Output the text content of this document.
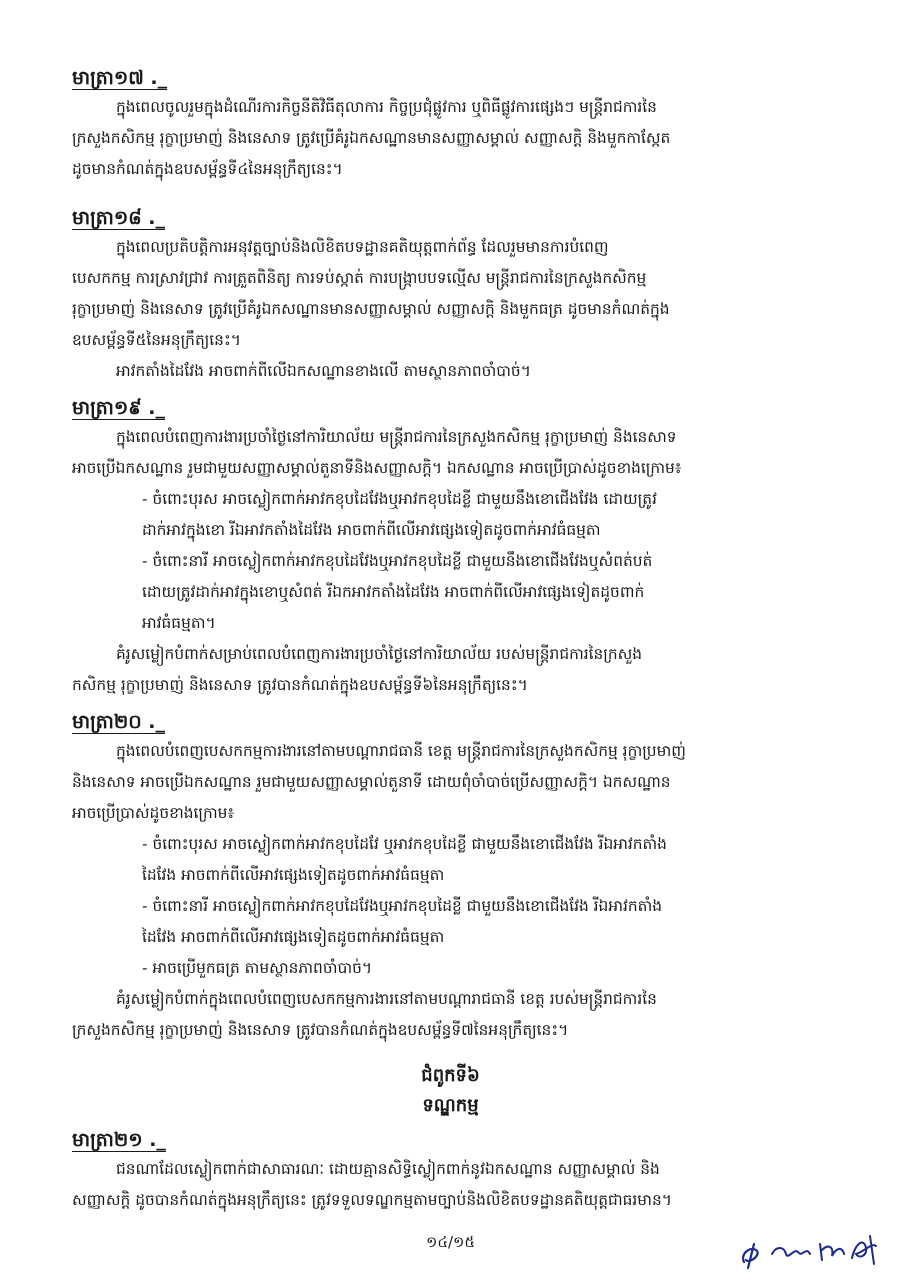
មាត្រា១៧ ._
ក្នុងពេលចូលរួមក្នុងដំណើរការកិច្ចនីតិវិធីតុលាការ កិច្ចប្រជុំផ្លូវការ ឬពិធីផ្លូវការផ្សេងៗ មន្ត្រីរាជការនៃ
ក្រសួងកសិកម្ម រុក្ខាប្រមាញ់ និងនេសាទ ត្រូវប្រើគំរូឯកសណ្ឋានមានសញ្ញាសម្គាល់ សញ្ញាសក្តិ និងមួកកាស្កែត
ដូចមានកំណត់ក្នុងឧបសម្ព័ន្ធទី៤នៃអនុក្រឹត្យនេះ។
មាត្រា១៨ ._
ក្នុងពេលប្រតិបត្តិការអនុវត្តច្បាប់និងលិខិតបទដ្ឋានគតិយុត្តពាក់ព័ន្ធ ដែលរួមមានការបំពេញ
បេសកកម្ម ការស្រាវជ្រាវ ការត្រួតពិនិត្យ ការទប់ស្កាត់ ការបង្ក្រាបបទល្មើស មន្ត្រីរាជការនៃក្រសួងកសិកម្ម
រុក្ខាប្រមាញ់ និងនេសាទ ត្រូវប្រើគំរូឯកសណ្ឋានមានសញ្ញាសម្គាល់ សញ្ញាសក្តិ និងមួកធត្រ ដូចមានកំណត់ក្នុង
ឧបសម្ព័ន្ធទី៥នៃអនុក្រឹត្យនេះ។
អាវកតាំងដៃវែង អាចពាក់ពីលើឯកសណ្ឋានខាងលើ តាមស្ថានភាពចាំបាច់។
មាត្រា១៩ ._
ក្នុងពេលបំពេញការងារប្រចាំថ្ងៃនៅការិយាល័យ មន្ត្រីរាជការនៃក្រសួងកសិកម្ម រុក្ខាប្រមាញ់ និងនេសាទ
អាចប្រើឯកសណ្ឋាន រួមជាមួយសញ្ញាសម្គាល់តួនាទីនិងសញ្ញាសក្តិ។ ឯកសណ្ឋាន អាចប្រើប្រាស់ដូចខាងក្រោម៖
- ចំពោះបុរស អាចស្លៀកពាក់អាវកខុបដៃវែងឬអាវកខុបដៃខ្លី ជាមួយនឹងខោជើងវែង ដោយត្រូវ
ដាក់អាវក្នុងខោ រីឯអាវកតាំងដៃវែង អាចពាក់ពីលើអាវផ្សេងទៀតដូចពាក់អាវធំធម្មតា
- ចំពោះនារី អាចស្លៀកពាក់អាវកខុបដៃវែងឬអាវកខុបដៃខ្លី ជាមួយនឹងខោជើងវែងឬសំពត់បត់
ដោយត្រូវដាក់អាវក្នុងខោឬសំពត់ រីឯកអាវកតាំងដៃវែង អាចពាក់ពីលើអាវផ្សេងទៀតដូចពាក់
អាវធំធម្មតា។
គំរូសម្លៀកបំពាក់សម្រាប់ពេលបំពេញការងារប្រចាំថ្ងៃនៅការិយាល័យ របស់មន្ត្រីរាជការនៃក្រសួង
កសិកម្ម រុក្ខាប្រមាញ់ និងនេសាទ ត្រូវបានកំណត់ក្នុងឧបសម្ព័ន្ធទី៦នៃអនុក្រឹត្យនេះ។
មាត្រា២០ ._
ក្នុងពេលបំពេញបេសកកម្មការងារនៅតាមបណ្តារាជធានី ខេត្ត មន្ត្រីរាជការនៃក្រសួងកសិកម្ម រុក្ខាប្រមាញ់
និងនេសាទ អាចប្រើឯកសណ្ឋាន រួមជាមួយសញ្ញាសម្គាល់តួនាទី ដោយពុំចាំបាច់ប្រើសញ្ញាសក្តិ។ ឯកសណ្ឋាន
អាចប្រើប្រាស់ដូចខាងក្រោម៖
- ចំពោះបុរស អាចស្លៀកពាក់អាវកខុបដៃវែ ឬអាវកខុបដៃខ្លី ជាមួយនឹងខោជើងវែង រីឯអាវកតាំង
ដៃវែង អាចពាក់ពីលើអាវផ្សេងទៀតដូចពាក់អាវធំធម្មតា
- ចំពោះនារី អាចស្លៀកពាក់អាវកខុបដៃវែងឬអាវកខុបដៃខ្លី ជាមួយនឹងខោជើងវែង រីឯអាវកតាំង
ដៃវែង អាចពាក់ពីលើអាវផ្សេងទៀតដូចពាក់អាវធំធម្មតា
- អាចប្រើមួកធត្រ តាមស្ថានភាពចាំបាច់។
គំរូសម្លៀកបំពាក់ក្នុងពេលបំពេញបេសកកម្មការងារនៅតាមបណ្តារាជធានី ខេត្ត របស់មន្ត្រីរាជការនៃ
ក្រសួងកសិកម្ម រុក្ខាប្រមាញ់ និងនេសាទ ត្រូវបានកំណត់ក្នុងឧបសម្ព័ន្ធទី៧នៃអនុក្រឹត្យនេះ។
ជំពូកទី៦
ទណ្ឌកម្ម
មាត្រា២១ ._
ជនណាដែលស្លៀកពាក់ជាសាធារណៈ ដោយគ្មានសិទ្ធិស្លៀកពាក់នូវឯកសណ្ឋាន សញ្ញាសម្គាល់ និង
សញ្ញាសក្តិ ដូចបានកំណត់ក្នុងអនុក្រឹត្យនេះ ត្រូវទទួលទណ្ឌកម្មតាមច្បាប់និងលិខិតបទដ្ឋានគតិយុត្តជាធរមាន។
១៤/១៥
